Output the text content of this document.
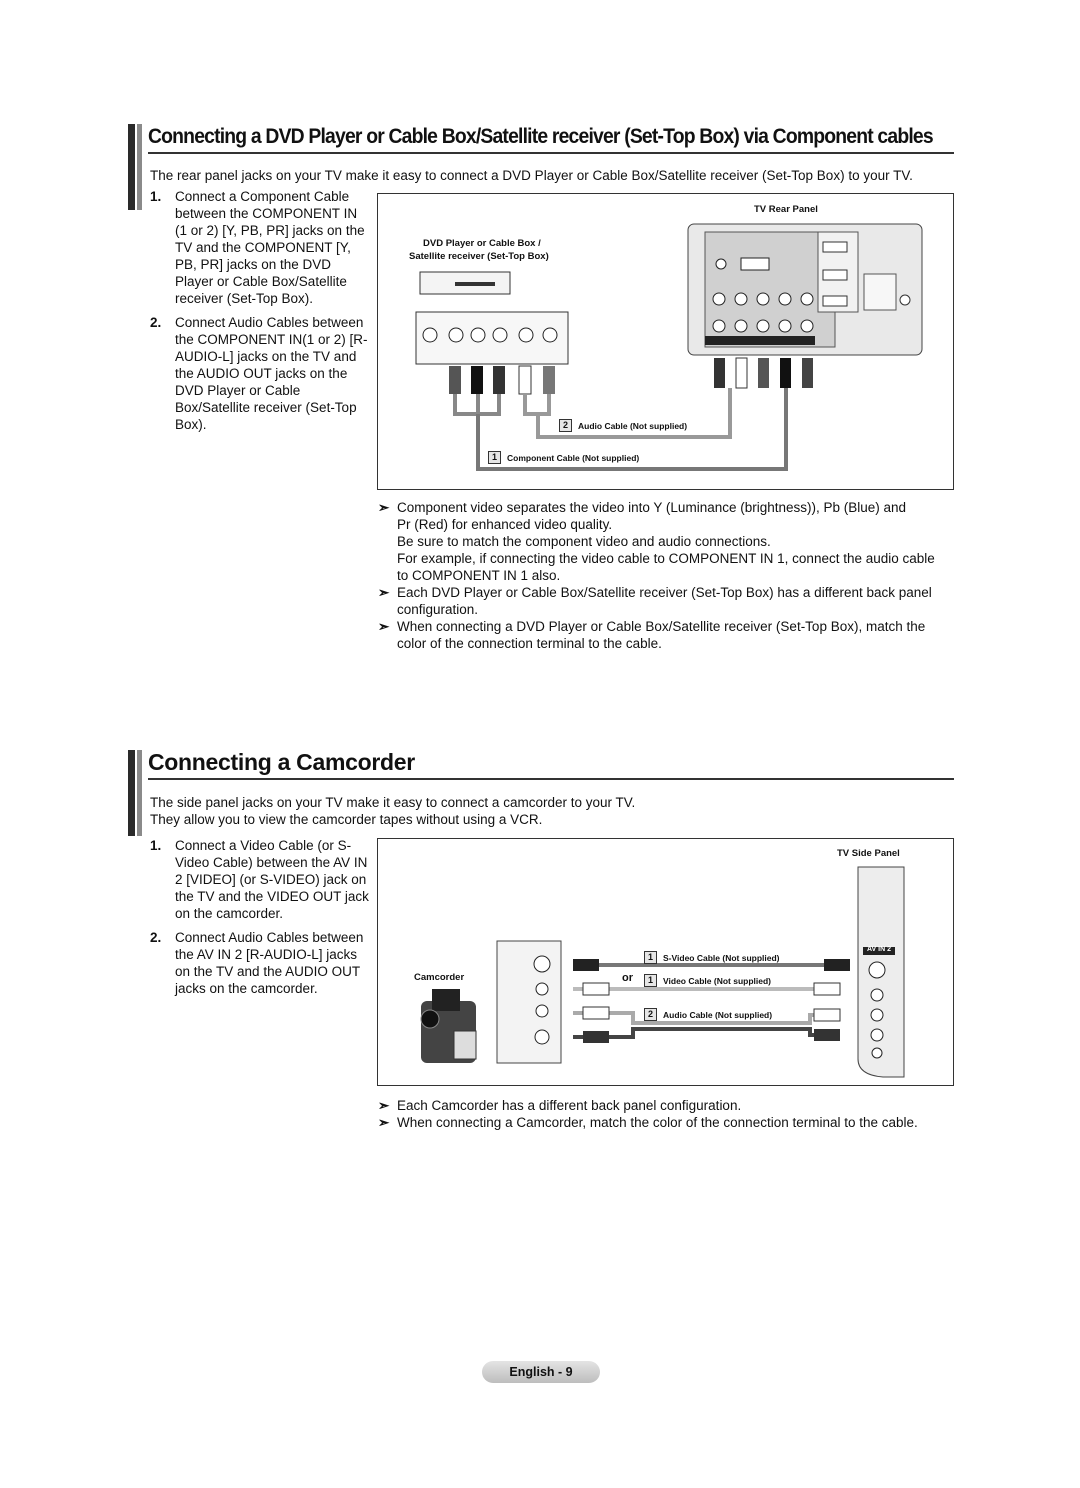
Connecting a DVD Player or Cable Box/Satellite receiver (Set-Top Box) via Component cables
The rear panel jacks on your TV make it easy to connect a DVD Player or Cable Box/Satellite receiver (Set-Top Box) to your TV.
1. Connect a Component Cable between the COMPONENT IN (1 or 2) [Y, PB, PR] jacks on the TV and the COMPONENT [Y, PB, PR] jacks on the DVD Player or Cable Box/Satellite receiver (Set-Top Box).
2. Connect Audio Cables between the COMPONENT IN(1 or 2) [R-AUDIO-L] jacks on the TV and the AUDIO OUT jacks on the DVD Player or Cable Box/Satellite receiver (Set-Top Box).
TV Rear Panel
DVD Player or Cable Box /
Satellite receiver (Set-Top Box)
2	Audio Cable (Not supplied)
1	Component Cable (Not supplied)
➣ Component video separates the video into Y (Luminance (brightness)), Pb (Blue) and
Pr (Red) for enhanced video quality.
Be sure to match the component video and audio connections.
For example, if connecting the video cable to COMPONENT IN 1, connect the audio cable
to COMPONENT IN 1 also.
➣ Each DVD Player or Cable Box/Satellite receiver (Set-Top Box) has a different back panel
configuration.
➣ When connecting a DVD Player or Cable Box/Satellite receiver (Set-Top Box), match the
color of the connection terminal to the cable.
Connecting a Camcorder
The side panel jacks on your TV make it easy to connect a camcorder to your TV.
They allow you to view the camcorder tapes without using a VCR.
1. Connect a Video Cable (or S-Video Cable) between the AV IN 2 [VIDEO] (or S-VIDEO) jack on the TV and the VIDEO OUT jack on the camcorder.
2. Connect Audio Cables between the AV IN 2 [R-AUDIO-L] jacks on the TV and the AUDIO OUT jacks on the camcorder.
TV Side Panel
Camcorder	or
AV IN 2
1	S-Video Cable (Not supplied)
1	Video Cable (Not supplied)
2	Audio Cable (Not supplied)
➣ Each Camcorder has a different back panel configuration.
➣ When connecting a Camcorder, match the color of the connection terminal to the cable.
English - 9
